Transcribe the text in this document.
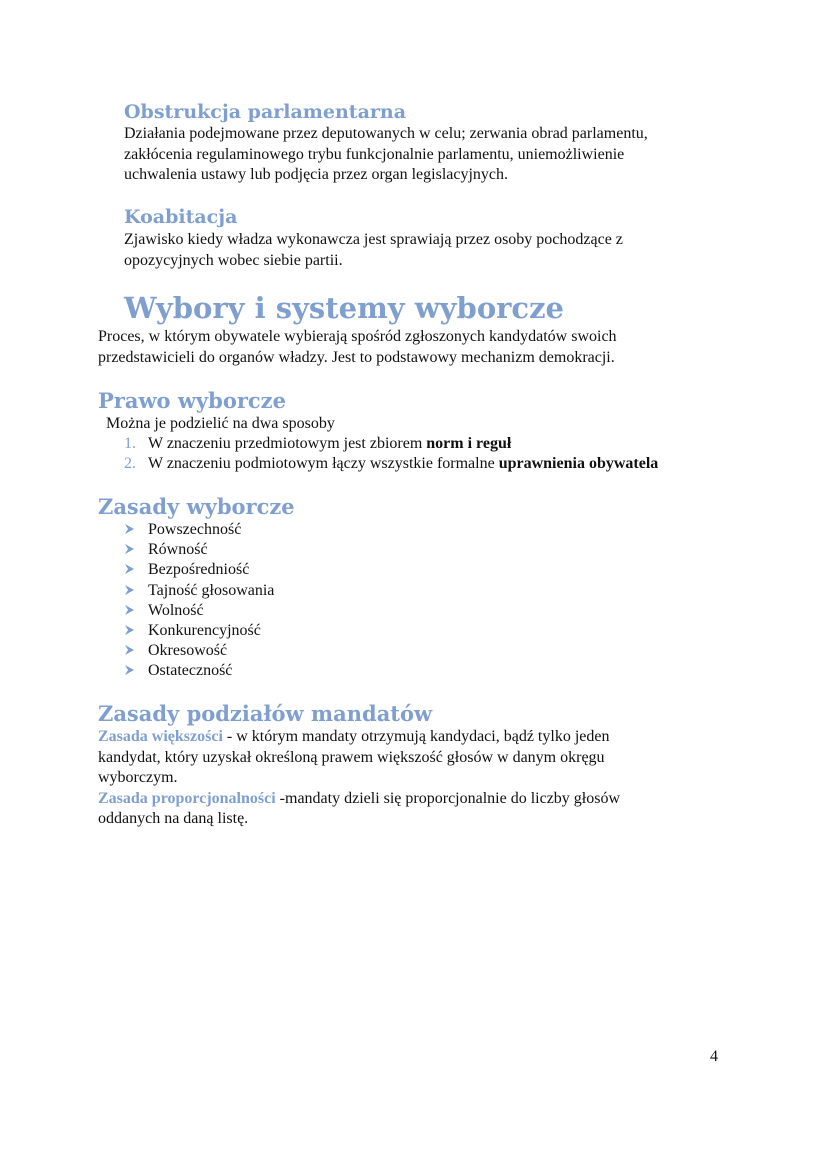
Obstrukcja parlamentarna
Działania podejmowane przez deputowanych w celu; zerwania obrad parlamentu,
zakłócenia regulaminowego trybu funkcjonalnie parlamentu, uniemożliwienie
uchwalenia ustawy lub podjęcia przez organ legislacyjnych.
Koabitacja
Zjawisko kiedy władza wykonawcza jest sprawiają przez osoby pochodzące z
opozycyjnych wobec siebie partii.
Wybory i systemy wyborcze
Proces, w którym obywatele wybierają spośród zgłoszonych kandydatów swoich
przedstawicieli do organów władzy. Jest to podstawowy mechanizm demokracji.
Prawo wyborcze
Można je podzielić na dwa sposoby
1. W znaczeniu przedmiotowym jest zbiorem norm i reguł
2. W znaczeniu podmiotowym łączy wszystkie formalne uprawnienia obywatela
Zasady wyborcze
Powszechność
Równość
Bezpośredniość
Tajność głosowania
Wolność
Konkurencyjność
Okresowość
Ostateczność
Zasady podziałów mandatów
Zasada większości - w którym mandaty otrzymują kandydaci, bądź tylko jeden
kandydat, który uzyskał określoną prawem większość głosów w danym okręgu
wyborczym.
Zasada proporcjonalności -mandaty dzieli się proporcjonalnie do liczby głosów
oddanych na daną listę.
4
